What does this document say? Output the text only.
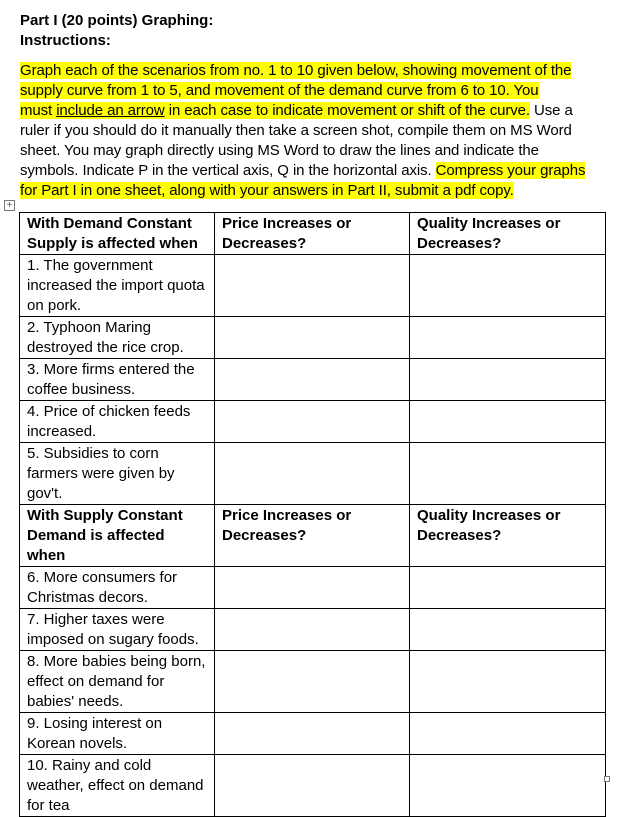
Part I (20 points) Graphing:
Instructions:
Graph each of the scenarios from no. 1 to 10 given below, showing movement of the
supply curve from 1 to 5, and movement of the demand curve from 6 to 10. You
must include an arrow in each case to indicate movement or shift of the curve. Use a
ruler if you should do it manually then take a screen shot, compile them on MS Word
sheet. You may graph directly using MS Word to draw the lines and indicate the
symbols. Indicate P in the vertical axis, Q in the horizontal axis. Compress your graphs
for Part I in one sheet, along with your answers in Part II, submit a pdf copy.
+
With Demand Constant Supply is affected when	Price Increases or Decreases?	Quality Increases or Decreases?
1. The government increased the import quota on pork.		
2. Typhoon Maring destroyed the rice crop.		
3. More firms entered the coffee business.		
4. Price of chicken feeds increased.		
5. Subsidies to corn farmers were given by gov't.		
With Supply Constant Demand is affected when	Price Increases or Decreases?	Quality Increases or Decreases?
6. More consumers for Christmas decors.		
7. Higher taxes were imposed on sugary foods.		
8. More babies being born, effect on demand for babies' needs.		
9. Losing interest on Korean novels.		
10. Rainy and cold weather, effect on demand for tea		
